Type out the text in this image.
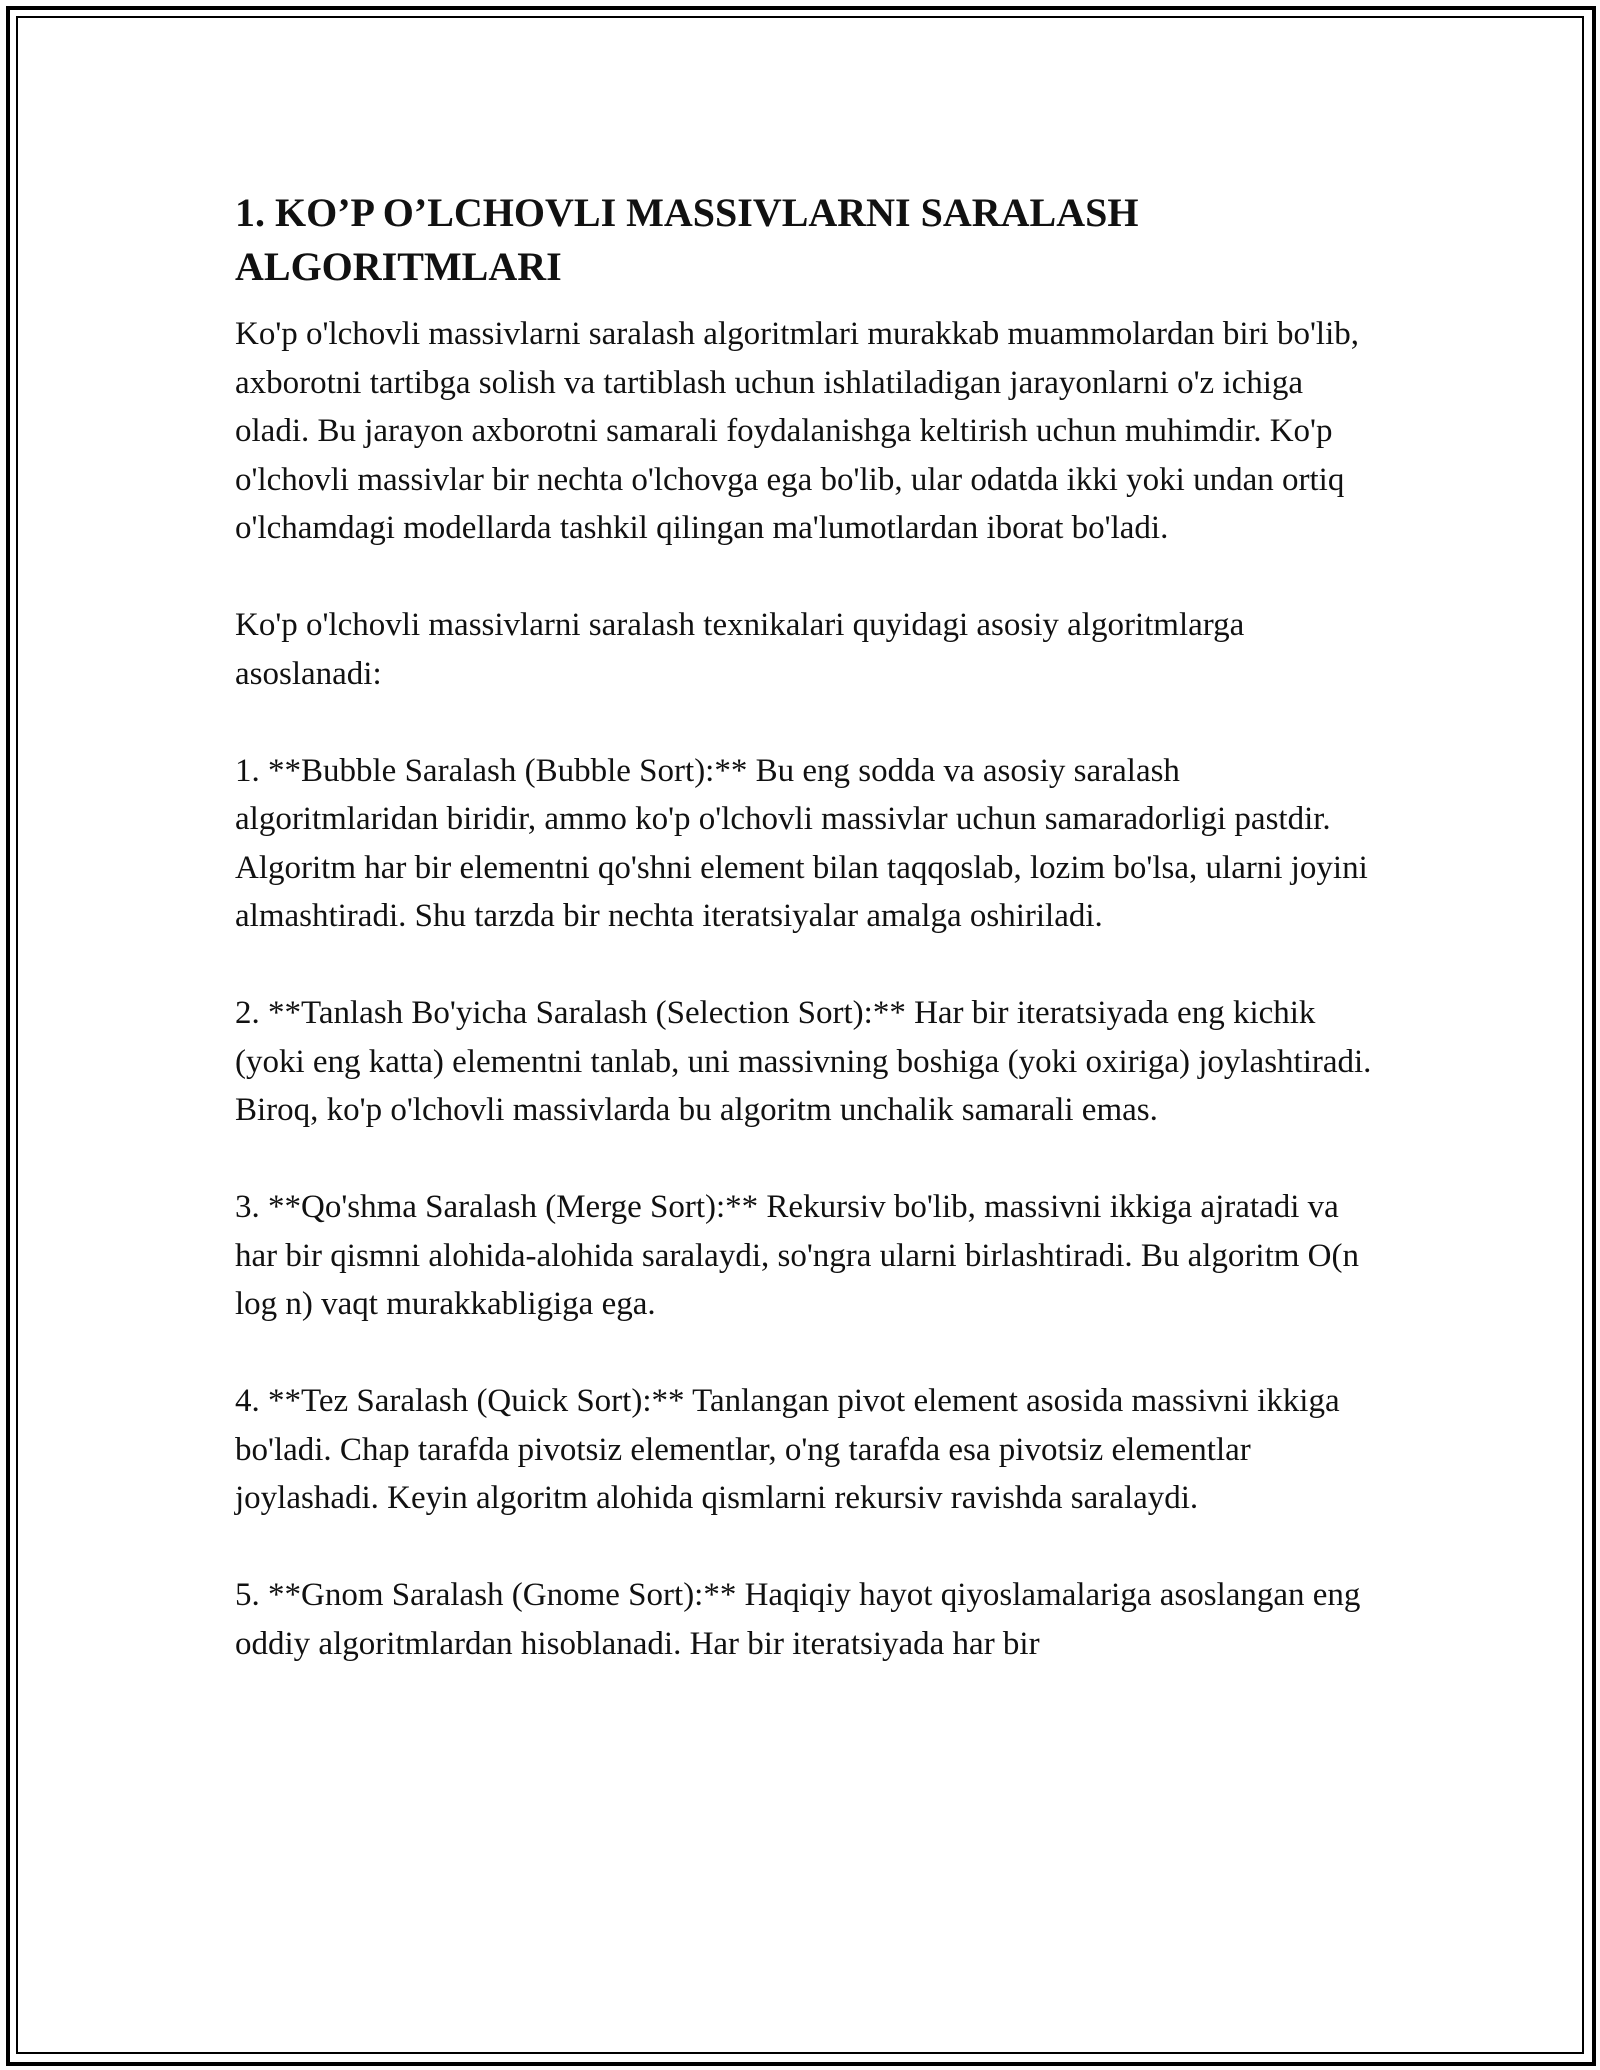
1. KO’P O’LCHOVLI MASSIVLARNI SARALASH ALGORITMLARI

Ko'p o'lchovli massivlarni saralash algoritmlari murakkab muammolardan biri bo'lib, axborotni tartibga solish va tartiblash uchun ishlatiladigan jarayonlarni o'z ichiga oladi. Bu jarayon axborotni samarali foydalanishga keltirish uchun muhimdir. Ko'p o'lchovli massivlar bir nechta o'lchovga ega bo'lib, ular odatda ikki yoki undan ortiq o'lchamdagi modellarda tashkil qilingan ma'lumotlardan iborat bo'ladi.

Ko'p o'lchovli massivlarni saralash texnikalari quyidagi asosiy algoritmlarga asoslanadi:

1. **Bubble Saralash (Bubble Sort):** Bu eng sodda va asosiy saralash algoritmlaridan biridir, ammo ko'p o'lchovli massivlar uchun samaradorligi pastdir. Algoritm har bir elementni qo'shni element bilan taqqoslab, lozim bo'lsa, ularni joyini almashtiradi. Shu tarzda bir nechta iteratsiyalar amalga oshiriladi.

2. **Tanlash Bo'yicha Saralash (Selection Sort):** Har bir iteratsiyada eng kichik (yoki eng katta) elementni tanlab, uni massivning boshiga (yoki oxiriga) joylashtiradi. Biroq, ko'p o'lchovli massivlarda bu algoritm unchalik samarali emas.

3. **Qo'shma Saralash (Merge Sort):** Rekursiv bo'lib, massivni ikkiga ajratadi va har bir qismni alohida-alohida saralaydi, so'ngra ularni birlashtiradi. Bu algoritm O(n log n) vaqt murakkabligiga ega.

4. **Tez Saralash (Quick Sort):** Tanlangan pivot element asosida massivni ikkiga bo'ladi. Chap tarafda pivotsiz elementlar, o'ng tarafda esa pivotsiz elementlar joylashadi. Keyin algoritm alohida qismlarni rekursiv ravishda saralaydi.

5. **Gnom Saralash (Gnome Sort):** Haqiqiy hayot qiyoslamalariga asoslangan eng oddiy algoritmlardan hisoblanadi. Har bir iteratsiyada har bir
